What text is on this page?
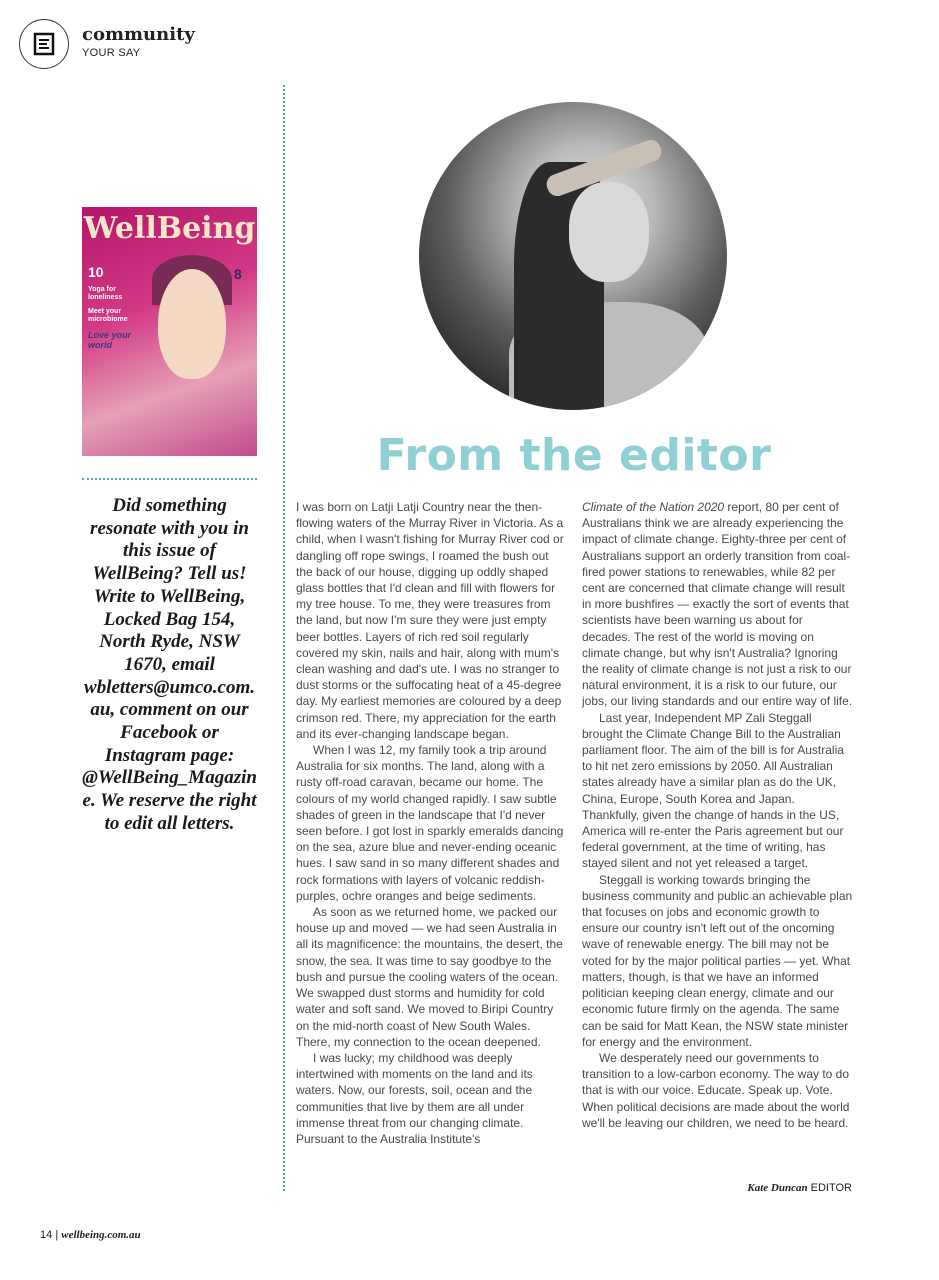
community
YOUR SAY
WellBeing
8
10
Yoga for loneliness
Meet your microbiome
Love your world
Did something resonate with you in this issue of WellBeing? Tell us! Write to WellBeing, Locked Bag 154, North Ryde, NSW 1670, email wbletters@umco.com.au, comment on our Facebook or Instagram page: @WellBeing_Magazine. We reserve the right to edit all letters.
From the editor

I was born on Latji Latji Country near the then-flowing waters of the Murray River in Victoria. As a child, when I wasn't fishing for Murray River cod or dangling off rope swings, I roamed the bush out the back of our house, digging up oddly shaped glass bottles that I'd clean and fill with flowers for my tree house. To me, they were treasures from the land, but now I'm sure they were just empty beer bottles. Layers of rich red soil regularly covered my skin, nails and hair, along with mum's clean washing and dad's ute. I was no stranger to dust storms or the suffocating heat of a 45-degree day. My earliest memories are coloured by a deep crimson red. There, my appreciation for the earth and its ever-changing landscape began.

When I was 12, my family took a trip around Australia for six months. The land, along with a rusty off-road caravan, became our home. The colours of my world changed rapidly. I saw subtle shades of green in the landscape that I'd never seen before. I got lost in sparkly emeralds dancing on the sea, azure blue and never-ending oceanic hues. I saw sand in so many different shades and rock formations with layers of volcanic reddish-purples, ochre oranges and beige sediments.

As soon as we returned home, we packed our house up and moved — we had seen Australia in all its magnificence: the mountains, the desert, the snow, the sea. It was time to say goodbye to the bush and pursue the cooling waters of the ocean. We swapped dust storms and humidity for cold water and soft sand. We moved to Biripi Country on the mid-north coast of New South Wales. There, my connection to the ocean deepened.

I was lucky; my childhood was deeply intertwined with moments on the land and its waters. Now, our forests, soil, ocean and the communities that live by them are all under immense threat from our changing climate. Pursuant to the Australia Institute's

Climate of the Nation 2020 report, 80 per cent of Australians think we are already experiencing the impact of climate change. Eighty-three per cent of Australians support an orderly transition from coal-fired power stations to renewables, while 82 per cent are concerned that climate change will result in more bushfires — exactly the sort of events that scientists have been warning us about for decades. The rest of the world is moving on climate change, but why isn't Australia? Ignoring the reality of climate change is not just a risk to our natural environment, it is a risk to our future, our jobs, our living standards and our entire way of life.

Last year, Independent MP Zali Steggall brought the Climate Change Bill to the Australian parliament floor. The aim of the bill is for Australia to hit net zero emissions by 2050. All Australian states already have a similar plan as do the UK, China, Europe, South Korea and Japan. Thankfully, given the change of hands in the US, America will re-enter the Paris agreement but our federal government, at the time of writing, has stayed silent and not yet released a target.

Steggall is working towards bringing the business community and public an achievable plan that focuses on jobs and economic growth to ensure our country isn't left out of the oncoming wave of renewable energy. The bill may not be voted for by the major political parties — yet. What matters, though, is that we have an informed politician keeping clean energy, climate and our economic future firmly on the agenda. The same can be said for Matt Kean, the NSW state minister for energy and the environment.

We desperately need our governments to transition to a low-carbon economy. The way to do that is with our voice. Educate. Speak up. Vote. When political decisions are made about the world we'll be leaving our children, we need to be heard.

Kate Duncan EDITOR
14 | wellbeing.com.au
